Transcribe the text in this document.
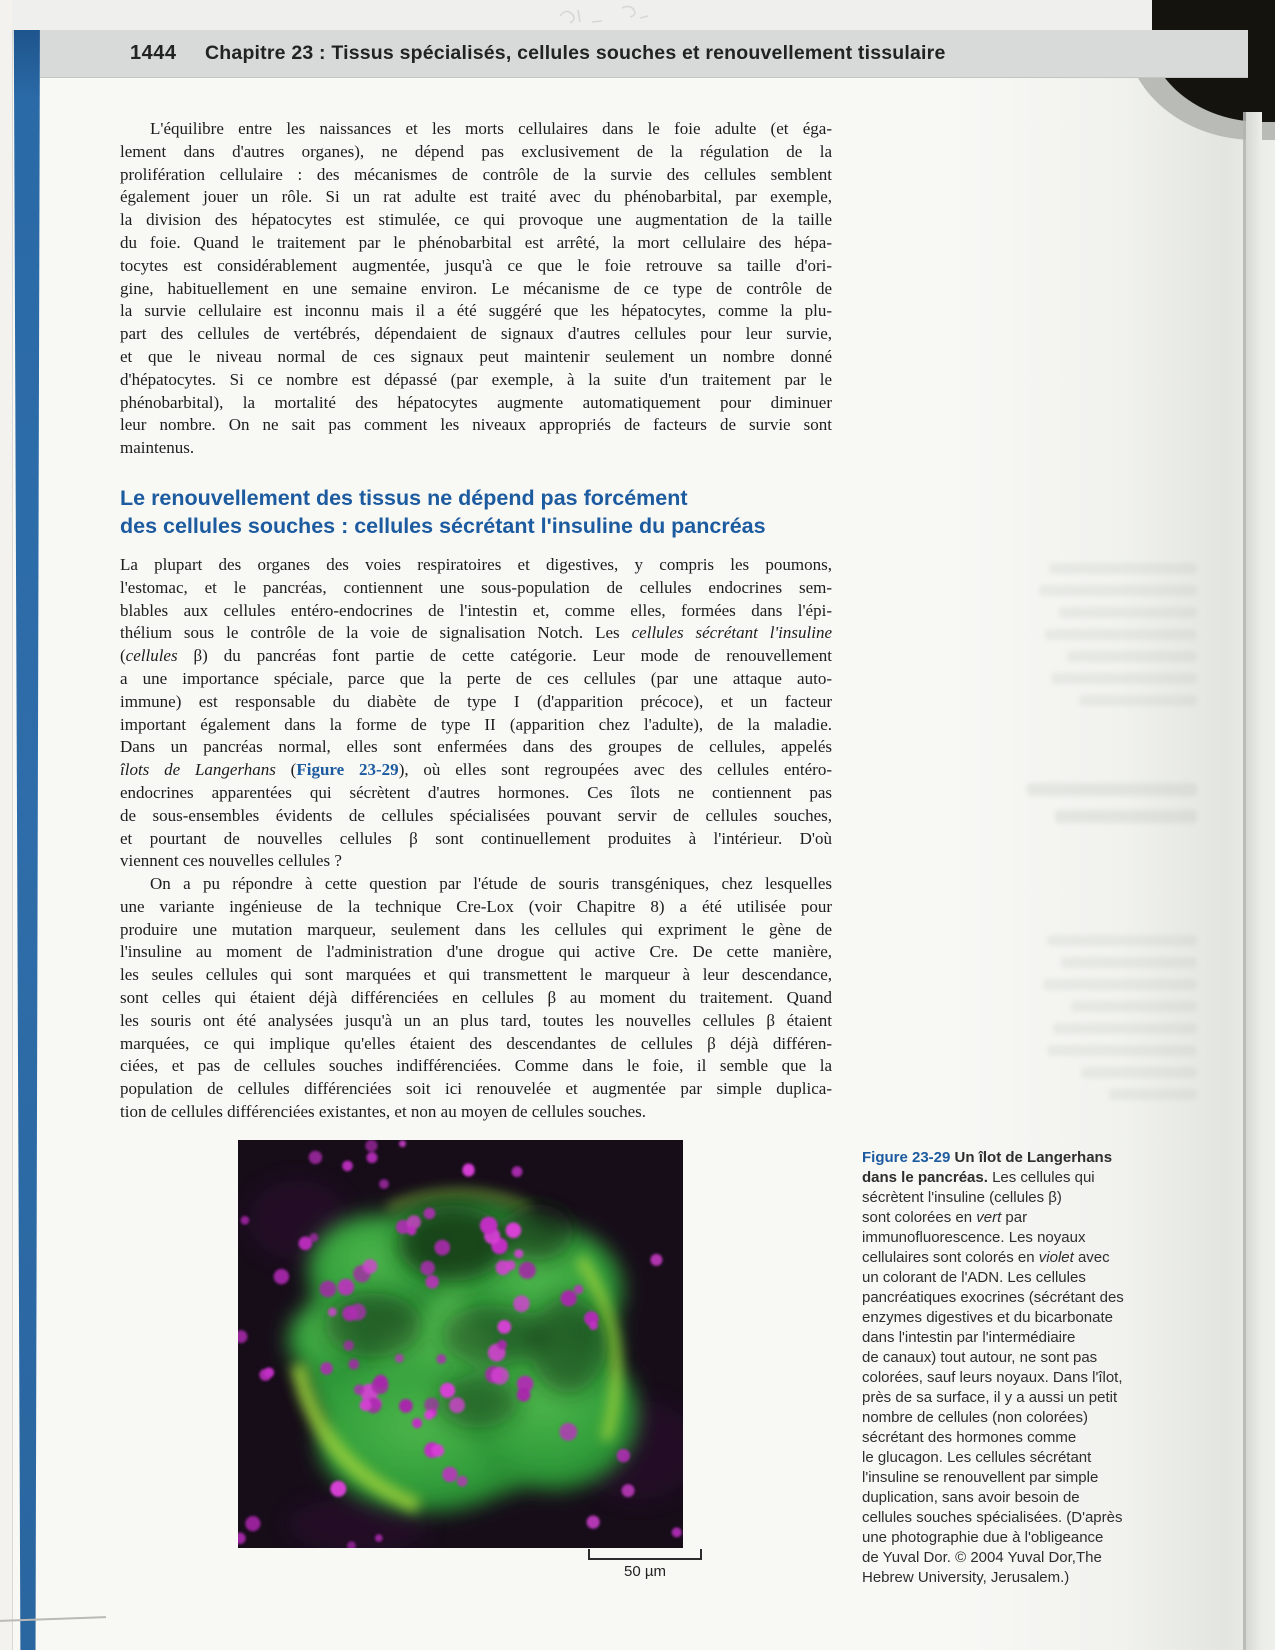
1444 Chapitre 23 : Tissus spécialisés, cellules souches et renouvellement tissulaire
L'équilibre entre les naissances et les morts cellulaires dans le foie adulte (et éga-
lement dans d'autres organes), ne dépend pas exclusivement de la régulation de la
prolifération cellulaire : des mécanismes de contrôle de la survie des cellules semblent
également jouer un rôle. Si un rat adulte est traité avec du phénobarbital, par exemple,
la division des hépatocytes est stimulée, ce qui provoque une augmentation de la taille
du foie. Quand le traitement par le phénobarbital est arrêté, la mort cellulaire des hépa-
tocytes est considérablement augmentée, jusqu'à ce que le foie retrouve sa taille d'ori-
gine, habituellement en une semaine environ. Le mécanisme de ce type de contrôle de
la survie cellulaire est inconnu mais il a été suggéré que les hépatocytes, comme la plu-
part des cellules de vertébrés, dépendaient de signaux d'autres cellules pour leur survie,
et que le niveau normal de ces signaux peut maintenir seulement un nombre donné
d'hépatocytes. Si ce nombre est dépassé (par exemple, à la suite d'un traitement par le
phénobarbital), la mortalité des hépatocytes augmente automatiquement pour diminuer
leur nombre. On ne sait pas comment les niveaux appropriés de facteurs de survie sont
maintenus.
Le renouvellement des tissus ne dépend pas forcément
des cellules souches : cellules sécrétant l'insuline du pancréas
La plupart des organes des voies respiratoires et digestives, y compris les poumons,
l'estomac, et le pancréas, contiennent une sous-population de cellules endocrines sem-
blables aux cellules entéro-endocrines de l'intestin et, comme elles, formées dans l'épi-
thélium sous le contrôle de la voie de signalisation Notch. Les cellules sécrétant l'insuline
(cellules β) du pancréas font partie de cette catégorie. Leur mode de renouvellement
a une importance spéciale, parce que la perte de ces cellules (par une attaque auto-
immune) est responsable du diabète de type I (d'apparition précoce), et un facteur
important également dans la forme de type II (apparition chez l'adulte), de la maladie.
Dans un pancréas normal, elles sont enfermées dans des groupes de cellules, appelés
îlots de Langerhans (Figure 23-29), où elles sont regroupées avec des cellules entéro-
endocrines apparentées qui sécrètent d'autres hormones. Ces îlots ne contiennent pas
de sous-ensembles évidents de cellules spécialisées pouvant servir de cellules souches,
et pourtant de nouvelles cellules β sont continuellement produites à l'intérieur. D'où
viennent ces nouvelles cellules ?
On a pu répondre à cette question par l'étude de souris transgéniques, chez lesquelles
une variante ingénieuse de la technique Cre-Lox (voir Chapitre 8) a été utilisée pour
produire une mutation marqueur, seulement dans les cellules qui expriment le gène de
l'insuline au moment de l'administration d'une drogue qui active Cre. De cette manière,
les seules cellules qui sont marquées et qui transmettent le marqueur à leur descendance,
sont celles qui étaient déjà différenciées en cellules β au moment du traitement. Quand
les souris ont été analysées jusqu'à un an plus tard, toutes les nouvelles cellules β étaient
marquées, ce qui implique qu'elles étaient des descendantes de cellules β déjà différen-
ciées, et pas de cellules souches indifférenciées. Comme dans le foie, il semble que la
population de cellules différenciées soit ici renouvelée et augmentée par simple duplica-
tion de cellules différenciées existantes, et non au moyen de cellules souches.
50 µm
Figure 23-29 Un îlot de Langerhans
dans le pancréas. Les cellules qui
sécrètent l'insuline (cellules β)
sont colorées en vert par
immunofluorescence. Les noyaux
cellulaires sont colorés en violet avec
un colorant de l'ADN. Les cellules
pancréatiques exocrines (sécrétant des
enzymes digestives et du bicarbonate
dans l'intestin par l'intermédiaire
de canaux) tout autour, ne sont pas
colorées, sauf leurs noyaux. Dans l'îlot,
près de sa surface, il y a aussi un petit
nombre de cellules (non colorées)
sécrétant des hormones comme
le glucagon. Les cellules sécrétant
l'insuline se renouvellent par simple
duplication, sans avoir besoin de
cellules souches spécialisées. (D'après
une photographie due à l'obligeance
de Yuval Dor. © 2004 Yuval Dor,The
Hebrew University, Jerusalem.)
